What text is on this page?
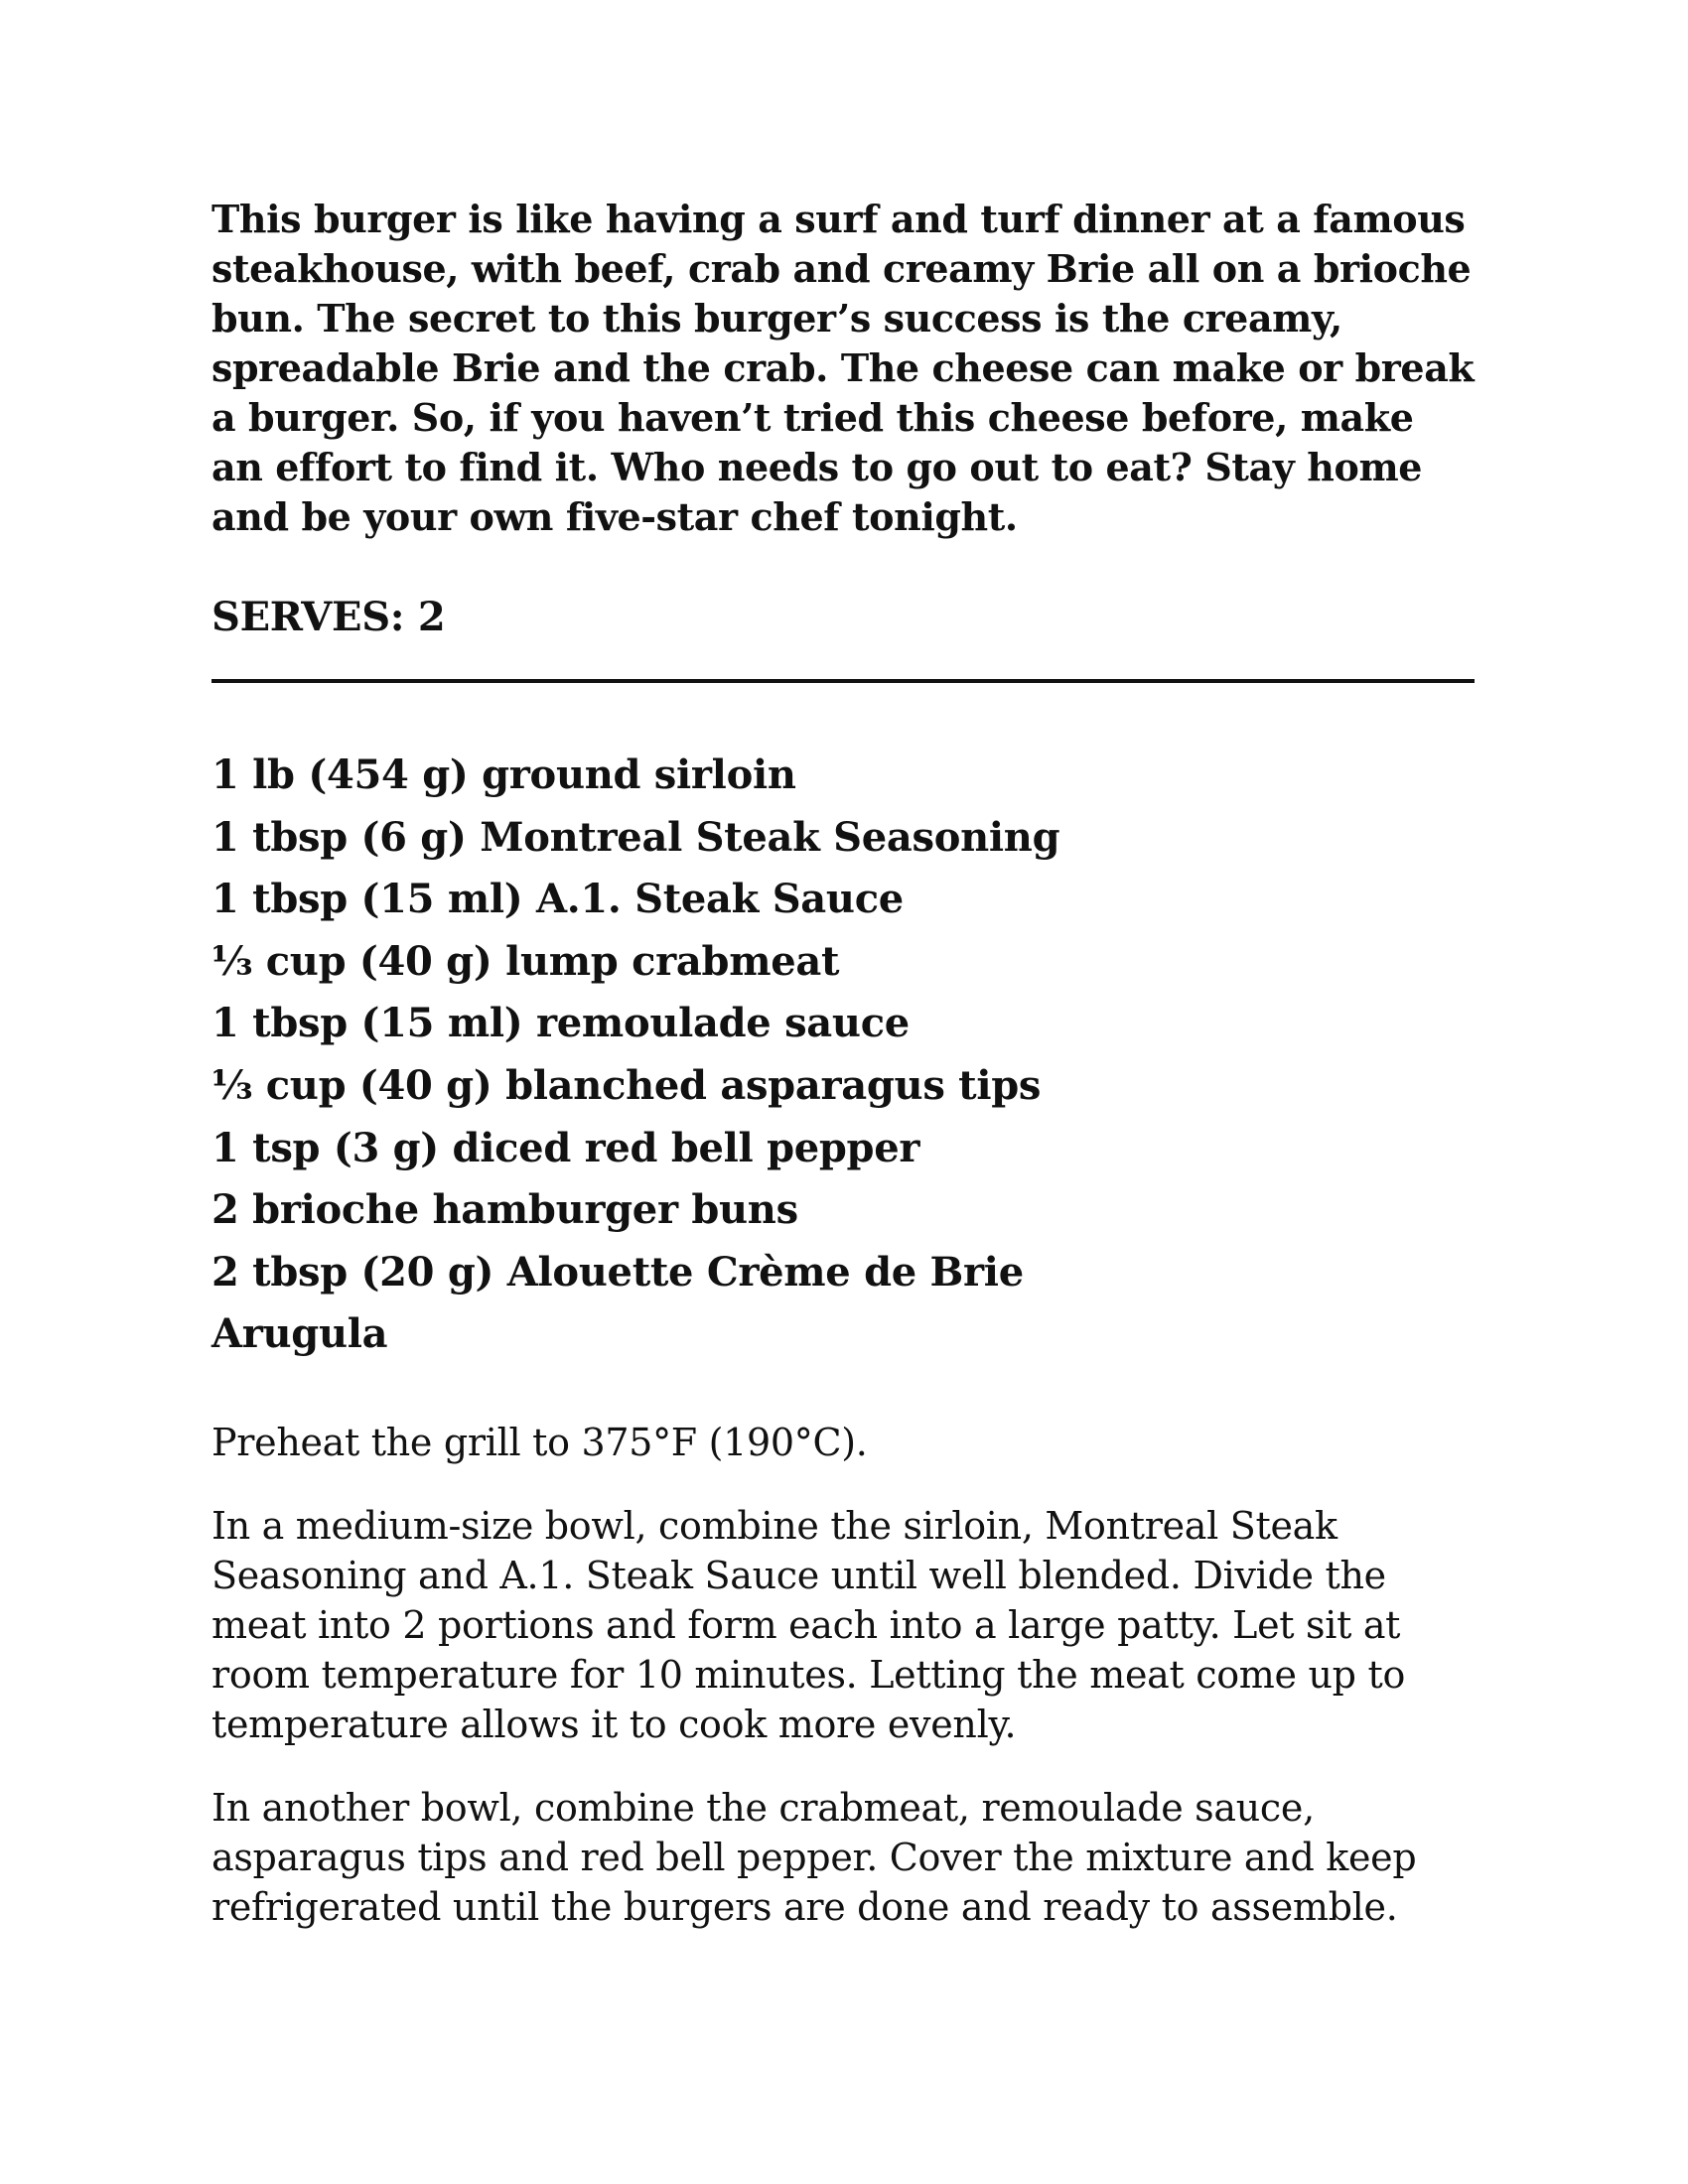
This burger is like having a surf and turf dinner at a famous steakhouse, with beef, crab and creamy Brie all on a brioche bun. The secret to this burger’s success is the creamy, spreadable Brie and the crab. The cheese can make or break a burger. So, if you haven’t tried this cheese before, make an effort to find it. Who needs to go out to eat? Stay home and be your own five-star chef tonight.

SERVES: 2
1 lb (454 g) ground sirloin
1 tbsp (6 g) Montreal Steak Seasoning
1 tbsp (15 ml) A.1. Steak Sauce
⅓ cup (40 g) lump crabmeat
1 tbsp (15 ml) remoulade sauce
⅓ cup (40 g) blanched asparagus tips
1 tsp (3 g) diced red bell pepper
2 brioche hamburger buns
2 tbsp (20 g) Alouette Crème de Brie
Arugula

Preheat the grill to 375°F (190°C).

In a medium-size bowl, combine the sirloin, Montreal Steak Seasoning and A.1. Steak Sauce until well blended. Divide the meat into 2 portions and form each into a large patty. Let sit at room temperature for 10 minutes. Letting the meat come up to temperature allows it to cook more evenly.

In another bowl, combine the crabmeat, remoulade sauce, asparagus tips and red bell pepper. Cover the mixture and keep refrigerated until the burgers are done and ready to assemble.
